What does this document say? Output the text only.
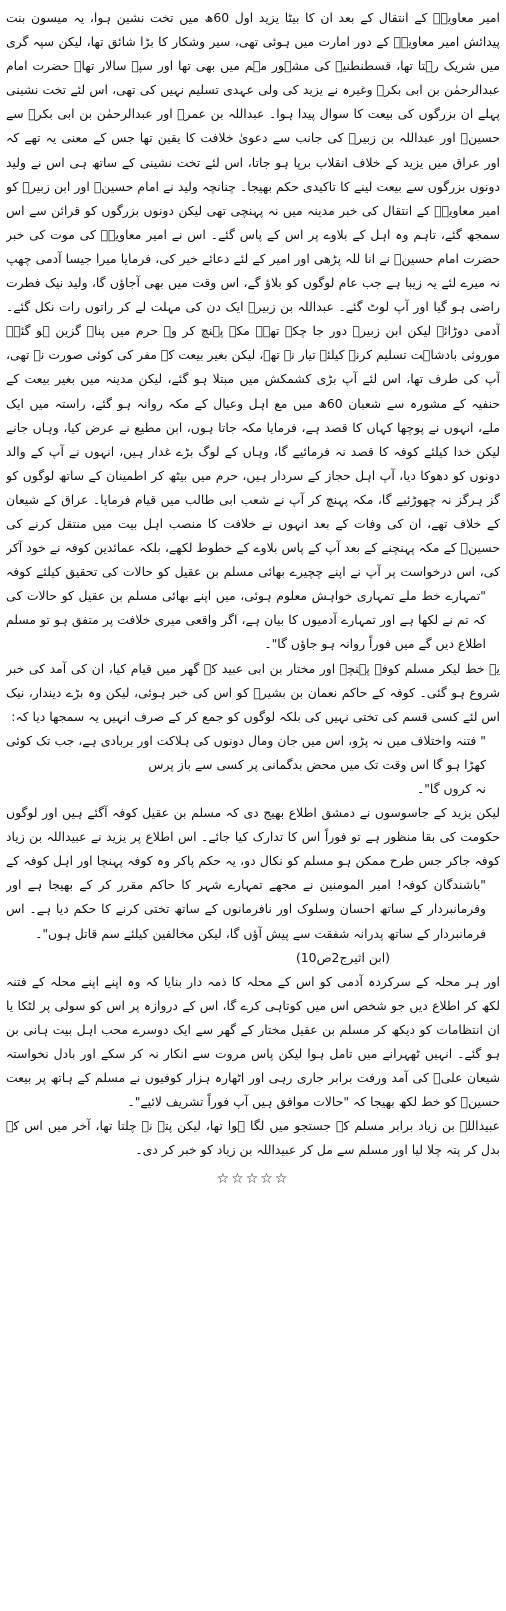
امیر معاویہؓ کے انتقال کے بعد ان کا بیٹا یزید اول 60ھ میں تخت نشین ہوا، یہ میسون بنت

پیدائش امیر معاویہؓ کے دور امارت میں ہوئی تھی، سیر وشکار کا بڑا شائق تھا، لیکن سپہ گری

میں شریک رہتا تھا، قسطنطنیہ کی مشہور مہم میں بھی تھا اور سپہ سالار تھا۔ حضرت امام

عبدالرحمٰن بن ابی بکرؓ وغیرہ نے یزید کی ولی عہدی تسلیم نہیں کی تھی، اس لئے تخت نشینی

پہلے ان بزرگوں کی بیعت کا سوال پیدا ہوا۔ عبداللہ بن عمرؓ اور عبدالرحمٰن بن ابی بکرؓ سے

حسینؓ اور عبداللہ بن زبیرؓ کی جانب سے دعویٰ خلافت کا یقین تھا جس کے معنی یہ تھے کہ

اور عراق میں یزید کے خلاف انقلاب برپا ہو جاتا، اس لئے تخت نشینی کے ساتھ ہی اس نے ولید

دونوں بزرگوں سے بیعت لینے کا تاکیدی حکم بھیجا۔ چنانچہ ولید نے امام حسینؓ اور ابن زبیرؓ کو

امیر معاویہؓ کے انتقال کی خبر مدینہ میں نہ پہنچی تھی لیکن دونوں بزرگوں کو قرائن سے اس

سمجھ گئے، تاہم وہ اہل کے بلاوے پر اس کے پاس گئے۔ اس نے امیر معاویہؓ کی موت کی خبر

حضرت امام حسینؓ نے انا للہ پڑھی اور امیر کے لئے دعائے خیر کی، فرمایا میرا جیسا آدمی چھپ

نہ میرے لئے یہ زیبا ہے جب عام لوگوں کو بلاؤ گے، اس وقت میں بھی آجاؤں گا، ولید نیک فطرت

راضی ہو گیا اور آپ لوٹ گئے۔ عبداللہ بن زبیرؓ ایک دن کی مہلت لے کر راتوں رات نکل گئے۔

آدمی دوڑائے لیکن ابن زبیرؓ دور جا چکے تھے۔ مکہ پہنچ کر وہ حرم میں پناہ گزین ہو گئے۔

موروثی بادشاہت تسلیم کرنے کیلئے تیار نہ تھے، لیکن بغیر بیعت کے مفر کی کوئی صورت نہ تھی،

آپ کی طرف تھا، اس لئے آپ بڑی کشمکش میں مبتلا ہو گئے، لیکن مدینہ میں بغیر بیعت کے

حنفیہ کے مشورہ سے شعبان 60ھ میں مع اہل وعیال کے مکہ روانہ ہو گئے، راستہ میں ایک

ملے، انہوں نے پوچھا کہاں کا قصد ہے، فرمایا مکہ جاتا ہوں، ابن مطیع نے عرض کیا، وہاں جانے

لیکن خدا کیلئے کوفہ کا قصد نہ فرمائیے گا، وہاں کے لوگ بڑے غدار ہیں، انہوں نے آپ کے والد

دونوں کو دھوکا دیا، آپ اہل حجاز کے سردار ہیں، حرم میں بیٹھ کر اطمینان کے ساتھ لوگوں کو

گز ہرگز نہ چھوڑئیے گا، مکہ پہنچ کر آپ نے شعب ابی طالب میں قیام فرمایا۔ عراق کے شیعان

کے خلاف تھے، ان کی وفات کے بعد انہوں نے خلافت کا منصب اہل بیت میں منتقل کرنے کی

حسینؓ کے مکہ پہنچنے کے بعد آپ کے پاس بلاوے کے خطوط لکھے، بلکہ عمائدین کوفہ نے خود آکر

کی، اس درخواست پر آپ نے اپنے چچیرے بھائی مسلم بن عقیل کو حالات کی تحقیق کیلئے کوفہ

"تمہارے خط ملے تمہاری خواہش معلوم ہوئی، میں اپنے بھائی مسلم بن عقیل کو حالات کی

کہ تم نے لکھا ہے اور تمہارے آدمیوں کا بیان ہے، اگر واقعی میری خلافت پر متفق ہو تو مسلم

اطلاع دیں گے میں فوراً روانہ ہو جاؤں گا"۔

یہ خط لیکر مسلم کوفہ پہنچے اور مختار بن ابی عبید کے گھر میں قیام کیا، ان کی آمد کی خبر

شروع ہو گئی۔ کوفہ کے حاکم نعمان بن بشیرؓ کو اس کی خبر ہوئی، لیکن وہ بڑے دیندار، نیک

اس لئے کسی قسم کی تختی نہیں کی بلکہ لوگوں کو جمع کر کے صرف انہیں یہ سمجھا دیا کہ:

" فتنہ واختلاف میں نہ پڑو، اس میں جان ومال دونوں کی ہلاکت اور بربادی ہے، جب تک کوئی

کھڑا ہو گا اس وقت تک میں محض بدگمانی پر کسی سے باز پرس

نہ کروں گا"۔

لیکن یزید کے جاسوسوں نے دمشق اطلاع بھیج دی کہ مسلم بن عقیل کوفہ آگئے ہیں اور لوگوں

حکومت کی بقا منظور ہے تو فوراً اس کا تدارک کیا جائے۔ اس اطلاع پر یزید نے عبیداللہ بن زیاد

کوفہ جاکر جس طرح ممکن ہو مسلم کو نکال دو، یہ حکم پاکر وہ کوفہ پہنچا اور اہل کوفہ کے

"باشندگان کوفہ! امیر المومنین نے مجھے تمہارے شہر کا حاکم مقرر کر کے بھیجا ہے اور

وفرمانبردار کے ساتھ احسان وسلوک اور نافرمانوں کے ساتھ تختی کرنے کا حکم دیا ہے۔ اس

فرمانبردار کے ساتھ پدرانہ شفقت سے پیش آؤں گا، لیکن مخالفین کیلئے سم قاتل ہوں"۔

(ابن اثیرج2ص10)

اور ہر محلہ کے سرکردہ آدمی کو اس کے محلہ کا ذمہ دار بنایا کہ وہ اپنے اپنے محلہ کے فتنہ

لکھ کر اطلاع دیں جو شخص اس میں کوتاہی کرے گا، اس کے دروازہ پر اس کو سولی پر لٹکا یا

ان انتظامات کو دیکھ کر مسلم بن عقیل مختار کے گھر سے ایک دوسرے محب اہل بیت ہانی بن

ہو گئے۔ انہیں ٹھہرانے میں تامل ہوا لیکن پاس مروت سے انکار نہ کر سکے اور بادل نخواستہ

شیعان علیؓ کی آمد ورفت برابر جاری رہی اور اٹھارہ ہزار کوفیوں نے مسلم کے ہاتھ پر بیعت

حسینؓ کو خط لکھ بھیجا کہ "حالات موافق ہیں آپ فوراً تشریف لائیے"۔

عبیداللہ بن زیاد برابر مسلم کے جستجو میں لگا ہوا تھا، لیکن پتہ نہ چلتا تھا، آخر میں اس کے

بدل کر پتہ چلا لیا اور مسلم سے مل کر عبیداللہ بن زیاد کو خبر کر دی۔

☆☆☆☆☆
